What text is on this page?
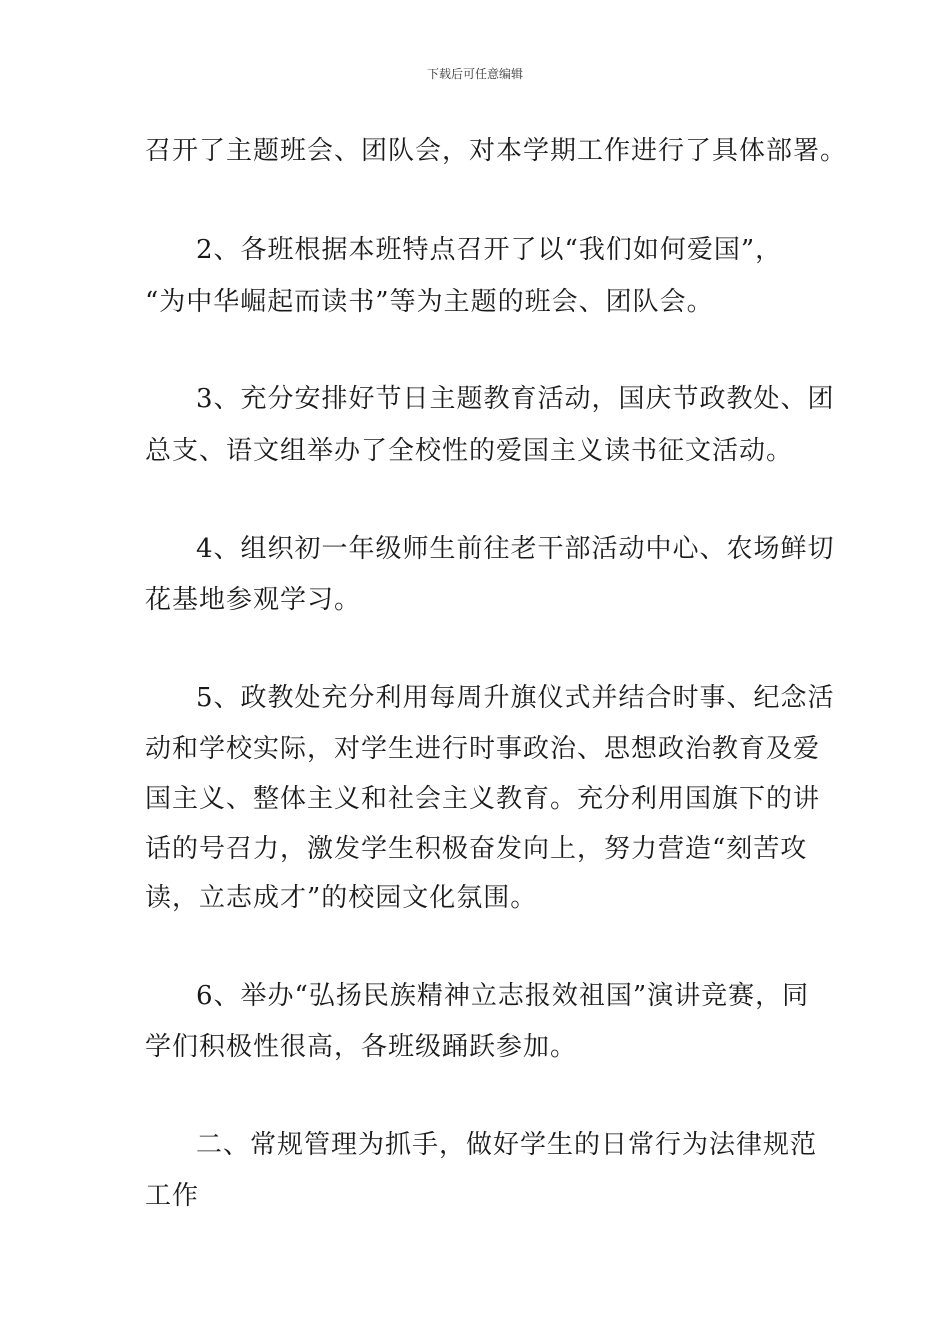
下载后可任意编辑
召开了主题班会、团队会，对本学期工作进行了具体部署。
2、各班根据本班特点召开了以“我们如何爱国”，
“为中华崛起而读书”等为主题的班会、团队会。
3、充分安排好节日主题教育活动，国庆节政教处、团
总支、语文组举办了全校性的爱国主义读书征文活动。
4、组织初一年级师生前往老干部活动中心、农场鲜切
花基地参观学习。
5、政教处充分利用每周升旗仪式并结合时事、纪念活
动和学校实际，对学生进行时事政治、思想政治教育及爱
国主义、整体主义和社会主义教育。充分利用国旗下的讲
话的号召力，激发学生积极奋发向上，努力营造“刻苦攻
读，立志成才”的校园文化氛围。
6、举办“弘扬民族精神立志报效祖国”演讲竞赛，同
学们积极性很高，各班级踊跃参加。
二、常规管理为抓手，做好学生的日常行为法律规范
工作
